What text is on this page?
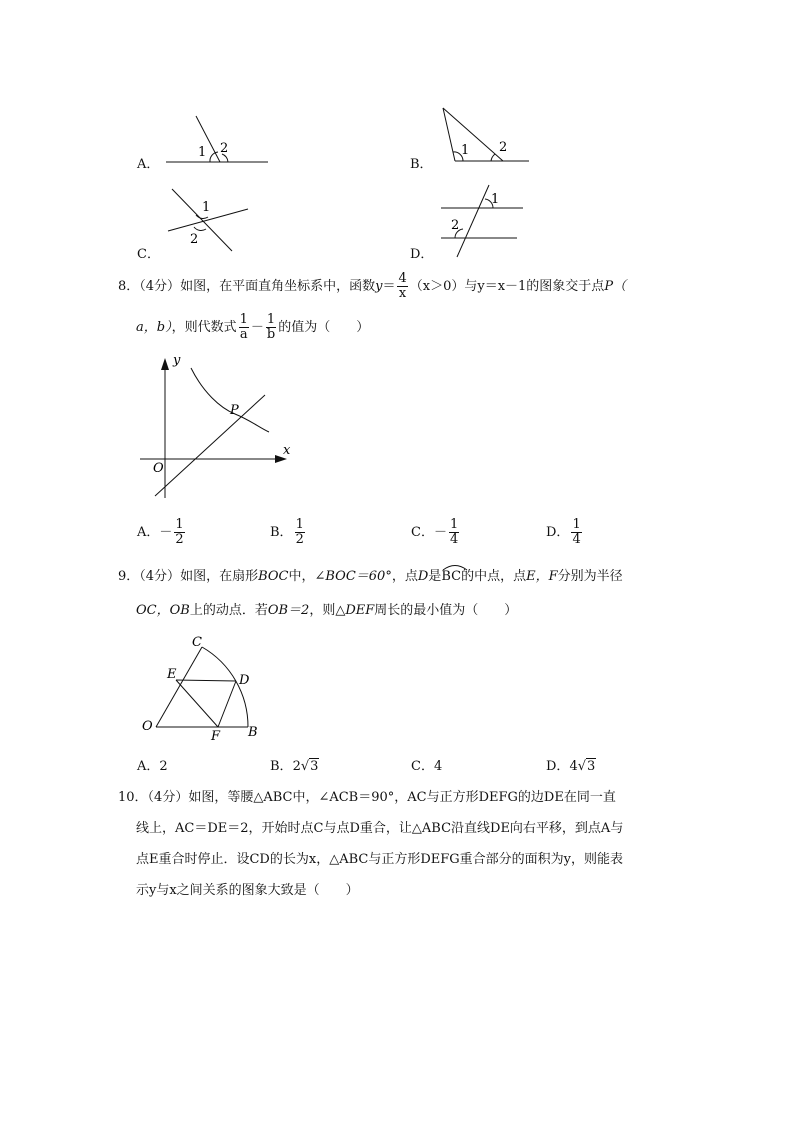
A．
1 2
B．
1 2
C．
1
2
D．
1
2
8．（4分）如图，在平面直角坐标系中，函数$y= \frac{4}{x} (x>0)$与y＝x－1的图象交于点P（
a，b），则代数式 $\frac{1}{a} - \frac{1}{b}$ 的值为（　　）
y
x
O
P
A．－ $\frac{1}{2}$	B． $\frac{1}{2}$	C．－ $\frac{1}{4}$	D． $\frac{1}{4}$
9．（4分）如图，在扇形BOC中，∠BOC＝60°，点D是
BC的中点，点E，F分别为半径
OC，OB上的动点．若OB＝2，则△DEF周长的最小值为（　　）
C
E	D
O
F B
A．2	B．2√3	C．4	D．4√3
10．（4分）如图，等腰△ABC中，∠ACB＝90°，AC与正方形DEFG的边DE在同一直
线上，AC＝DE＝2，开始时点C与点D重合，让△ABC沿直线DE向右平移，到点A与
点E重合时停止．设CD的长为x，△ABC与正方形DEFG重合部分的面积为y，则能表
示y与x之间关系的图象大致是（　　）
